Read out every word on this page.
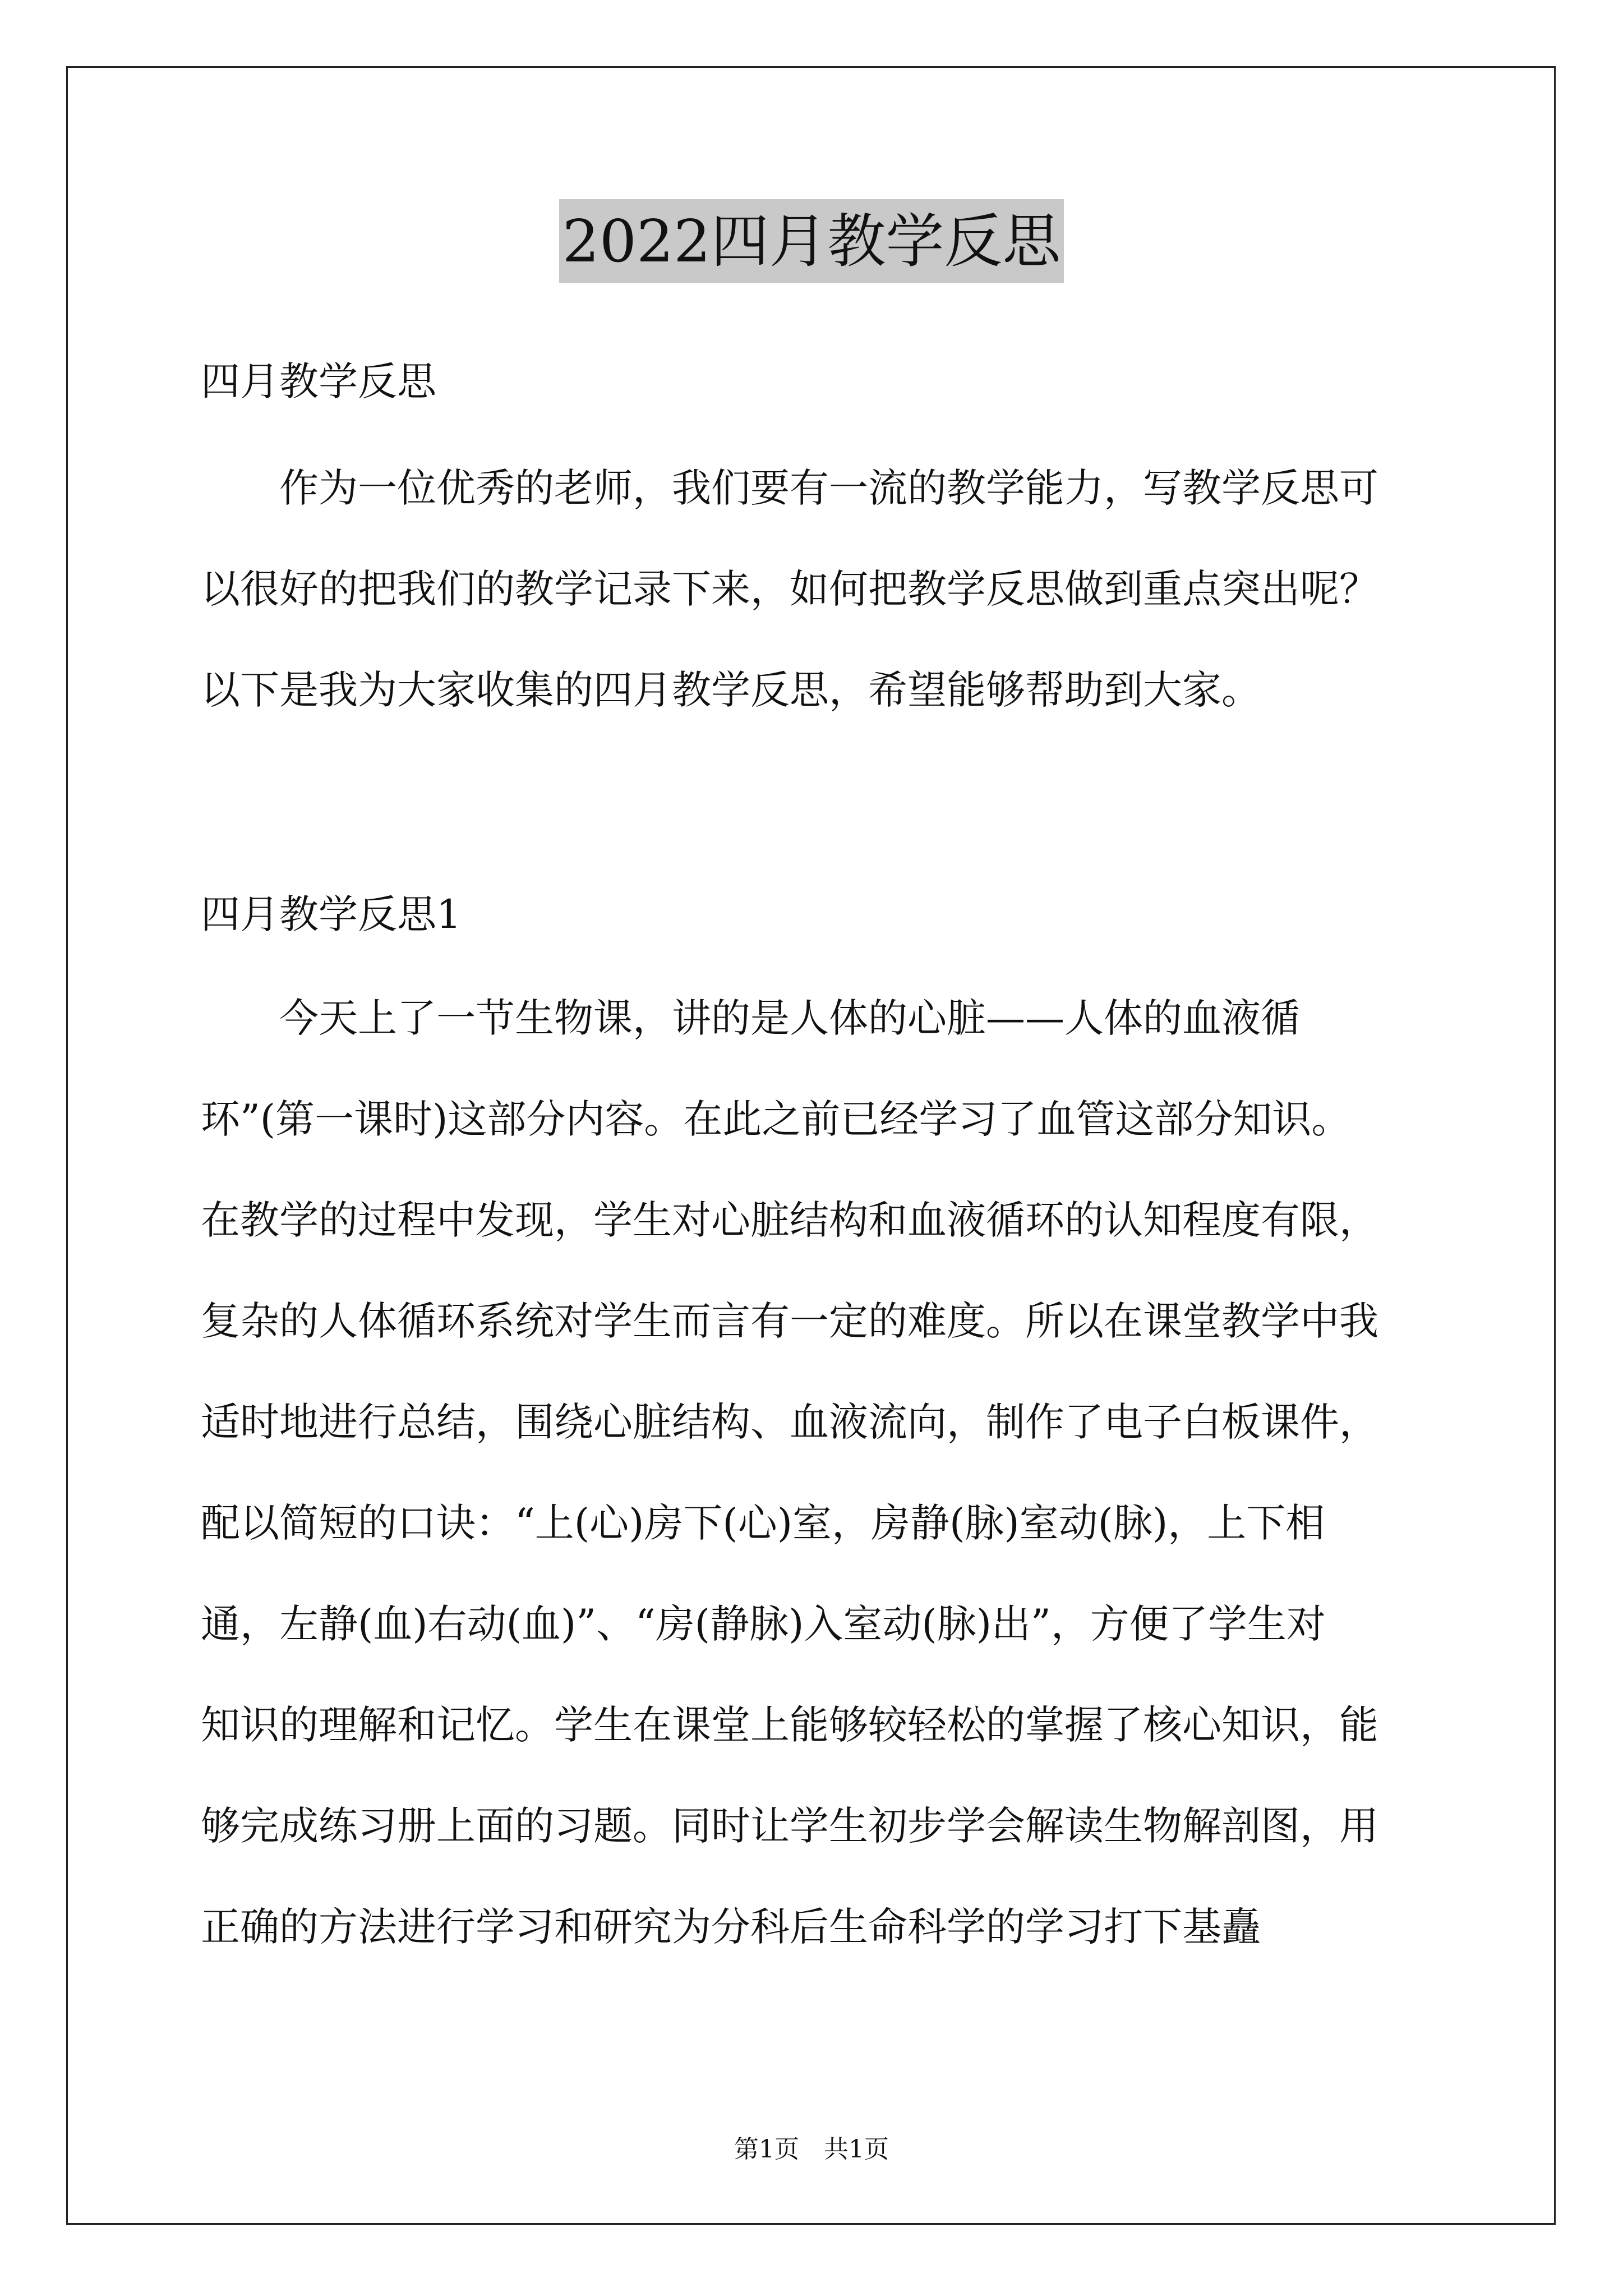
2022四月教学反思
四月教学反思
　　作为一位优秀的老师，我们要有一流的教学能力，写教学反思可
以很好的把我们的教学记录下来，如何把教学反思做到重点突出呢？
以下是我为大家收集的四月教学反思，希望能够帮助到大家。
四月教学反思1
　　今天上了一节生物课，讲的是人体的心脏——人体的血液循
环”(第一课时)这部分内容。在此之前已经学习了血管这部分知识。
在教学的过程中发现，学生对心脏结构和血液循环的认知程度有限，
复杂的人体循环系统对学生而言有一定的难度。所以在课堂教学中我
适时地进行总结，围绕心脏结构、血液流向，制作了电子白板课件，
配以简短的口诀：“上(心)房下(心)室，房静(脉)室动(脉)，上下相
通，左静(血)右动(血)”、“房(静脉)入室动(脉)出”，方便了学生对
知识的理解和记忆。学生在课堂上能够较轻松的掌握了核心知识，能
够完成练习册上面的习题。同时让学生初步学会解读生物解剖图，用
正确的方法进行学习和研究为分科后生命科学的学习打下基矗
第1页　共1页
